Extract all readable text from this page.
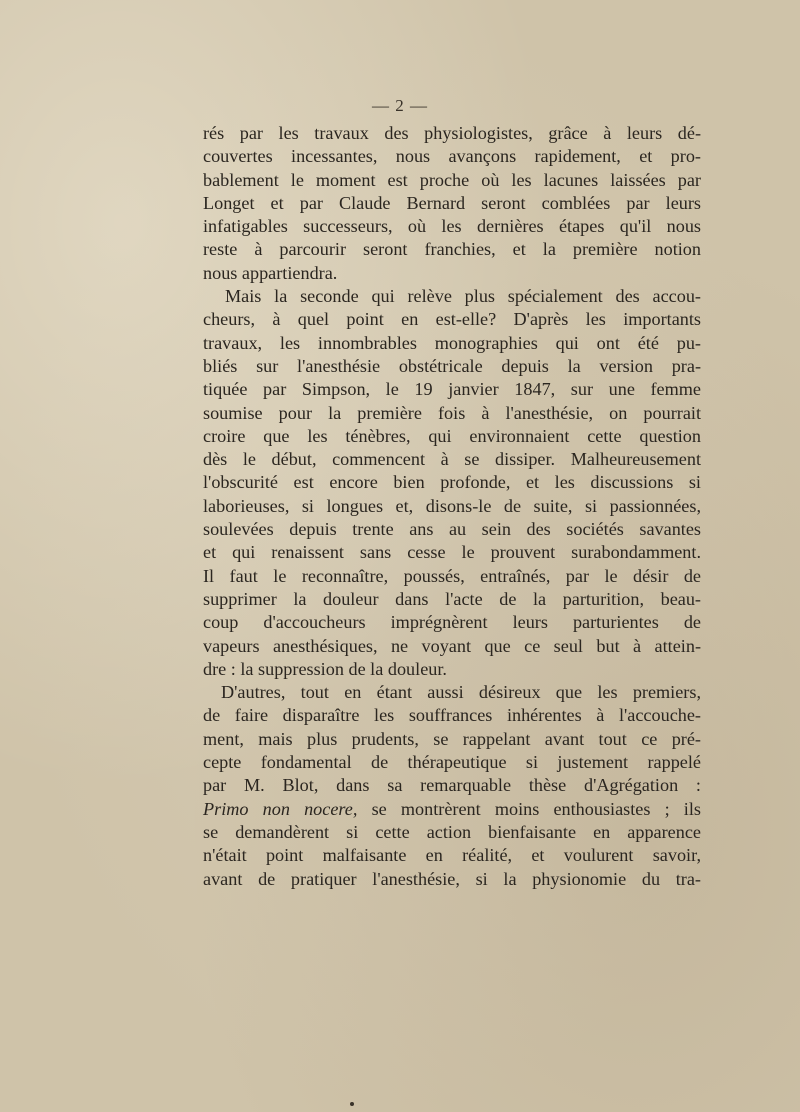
— 2 —
rés par les travaux des physiologistes, grâce à leurs dé-
couvertes incessantes, nous avançons rapidement, et pro-
bablement le moment est proche où les lacunes laissées par
Longet et par Claude Bernard seront comblées par leurs
infatigables successeurs, où les dernières étapes qu'il nous
reste à parcourir seront franchies, et la première notion
nous appartiendra.
Mais la seconde qui relève plus spécialement des accou-
cheurs, à quel point en est-elle? D'après les importants
travaux, les innombrables monographies qui ont été pu-
bliés sur l'anesthésie obstétricale depuis la version pra-
tiquée par Simpson, le 19 janvier 1847, sur une femme
soumise pour la première fois à l'anesthésie, on pourrait
croire que les ténèbres, qui environnaient cette question
dès le début, commencent à se dissiper. Malheureusement
l'obscurité est encore bien profonde, et les discussions si
laborieuses, si longues et, disons-le de suite, si passionnées,
soulevées depuis trente ans au sein des sociétés savantes
et qui renaissent sans cesse le prouvent surabondamment.
Il faut le reconnaître, poussés, entraînés, par le désir de
supprimer la douleur dans l'acte de la parturition, beau-
coup d'accoucheurs imprégnèrent leurs parturientes de
vapeurs anesthésiques, ne voyant que ce seul but à attein-
dre : la suppression de la douleur.
D'autres, tout en étant aussi désireux que les premiers,
de faire disparaître les souffrances inhérentes à l'accouche-
ment, mais plus prudents, se rappelant avant tout ce pré-
cepte fondamental de thérapeutique si justement rappelé
par M. Blot, dans sa remarquable thèse d'Agrégation :
Primo non nocere, se montrèrent moins enthousiastes ; ils
se demandèrent si cette action bienfaisante en apparence
n'était point malfaisante en réalité, et voulurent savoir,
avant de pratiquer l'anesthésie, si la physionomie du tra-
